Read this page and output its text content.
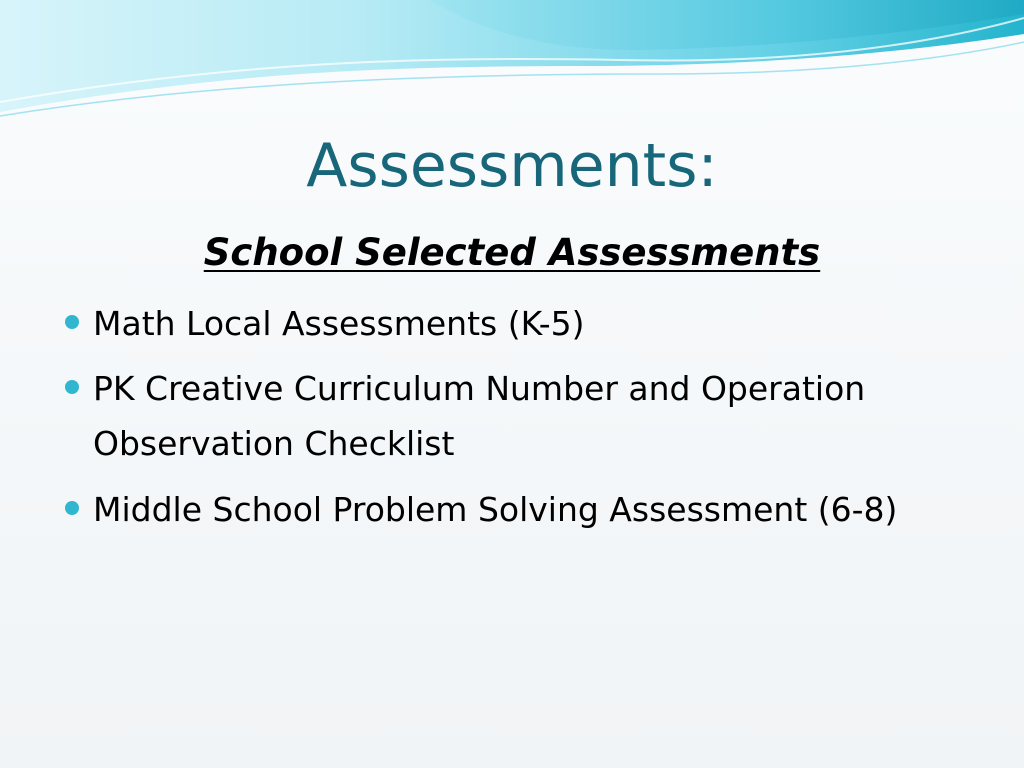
Assessments:
School Selected Assessments
Math Local Assessments (K-5)
PK Creative Curriculum Number and Operation Observation Checklist
Middle School Problem Solving Assessment (6-8)
